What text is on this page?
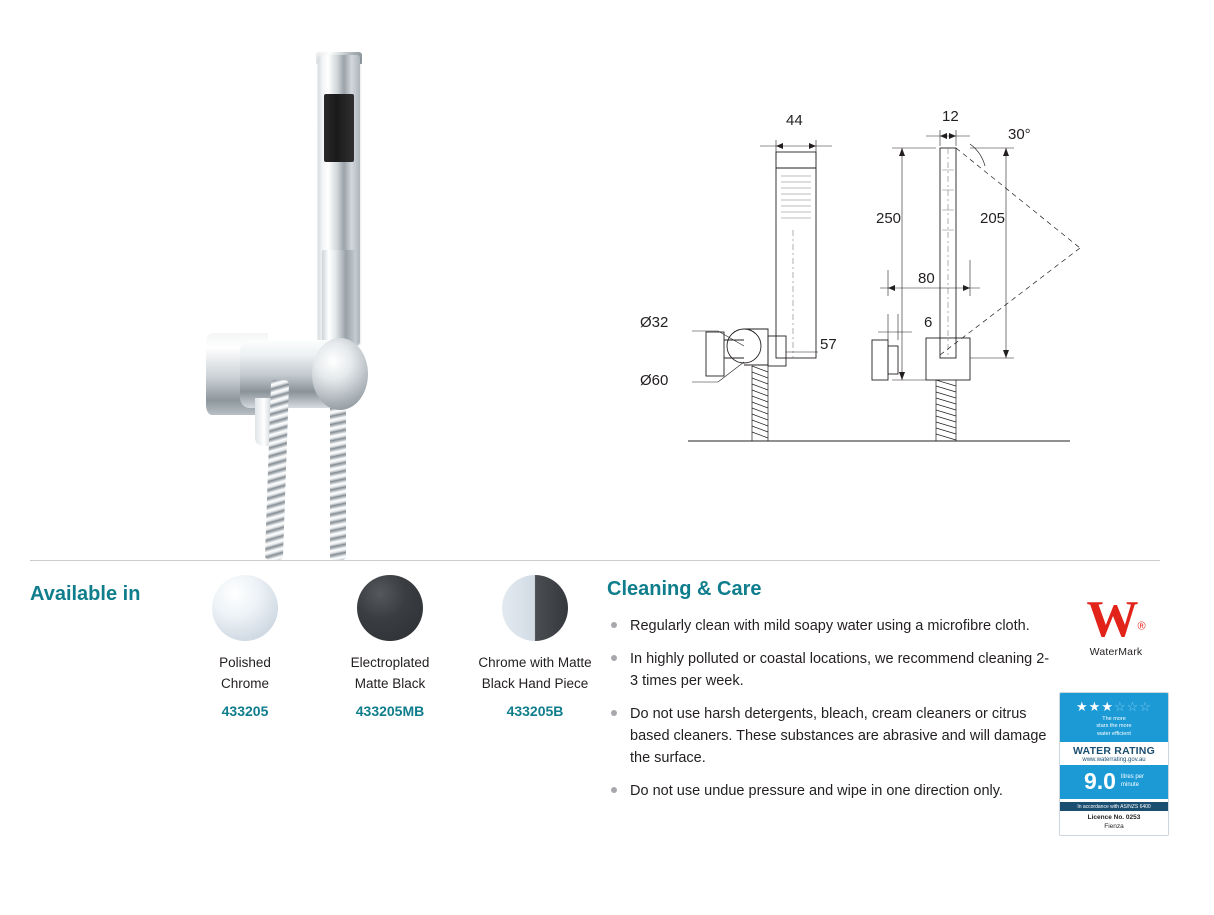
44	12
30°
250	205
80
6
Ø32
Ø60
57
Available in
Polished
Chrome
433205
Electroplated
Matte Black
433205MB
Chrome with Matte
Black Hand Piece
433205B
Cleaning & Care
Regularly clean with mild soapy water using a microfibre cloth.
In highly polluted or coastal locations, we recommend cleaning 2-3 times per week.
Do not use harsh detergents, bleach, cream cleaners or citrus based cleaners. These substances are abrasive and will damage the surface.
Do not use undue pressure and wipe in one direction only.
W®
WaterMark
★★★☆☆☆
The more
stars the more
water efficient
WATER RATING
www.waterrating.gov.au
9.0 litres per
minute
In accordance with AS/NZS 6400
Licence No. 0253
Fienza
